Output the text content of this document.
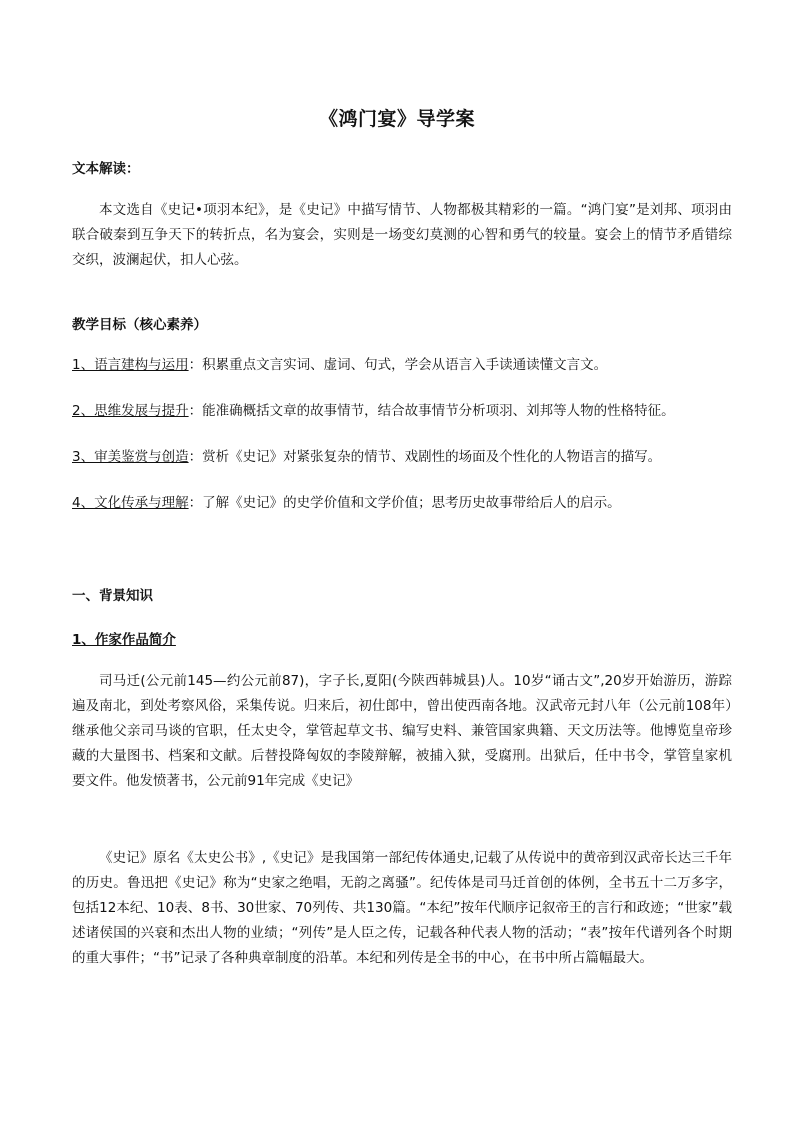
《鸿门宴》导学案
文本解读：
本文选自《史记•项羽本纪》，是《史记》中描写情节、人物都极其精彩的一篇。“鸿门宴”是刘邦、项羽由联合破秦到互争天下的转折点，名为宴会，实则是一场变幻莫测的心智和勇气的较量。宴会上的情节矛盾错综交织，波澜起伏，扣人心弦。
教学目标（核心素养）
1、语言建构与运用：积累重点文言实词、虚词、句式，学会从语言入手读通读懂文言文。
2、思维发展与提升：能准确概括文章的故事情节，结合故事情节分析项羽、刘邦等人物的性格特征。
3、审美鉴赏与创造：赏析《史记》对紧张复杂的情节、戏剧性的场面及个性化的人物语言的描写。
4、文化传承与理解：了解《史记》的史学价值和文学价值；思考历史故事带给后人的启示。
一、背景知识
1、作家作品简介
司马迁(公元前145—约公元前87)，字子长,夏阳(今陕西韩城县)人。10岁“诵古文”,20岁开始游历，游踪遍及南北，到处考察风俗，采集传说。归来后，初仕郎中，曾出使西南各地。汉武帝元封八年（公元前108年）继承他父亲司马谈的官职，任太史令，掌管起草文书、编写史料、兼管国家典籍、天文历法等。他博览皇帝珍藏的大量图书、档案和文献。后替投降匈奴的李陵辩解，被捕入狱，受腐刑。出狱后，任中书令，掌管皇家机要文件。他发愤著书，公元前91年完成《史记》
《史记》原名《太史公书》,《史记》是我国第一部纪传体通史,记载了从传说中的黄帝到汉武帝长达三千年的历史。鲁迅把《史记》称为“史家之绝唱，无韵之离骚”。纪传体是司马迁首创的体例，全书五十二万多字，包括12本纪、10表、8书、30世家、70列传、共130篇。“本纪”按年代顺序记叙帝王的言行和政迹；“世家”载述诸侯国的兴衰和杰出人物的业绩；“列传”是人臣之传，记载各种代表人物的活动；“表”按年代谱列各个时期的重大事件；“书”记录了各种典章制度的沿革。本纪和列传是全书的中心，在书中所占篇幅最大。
